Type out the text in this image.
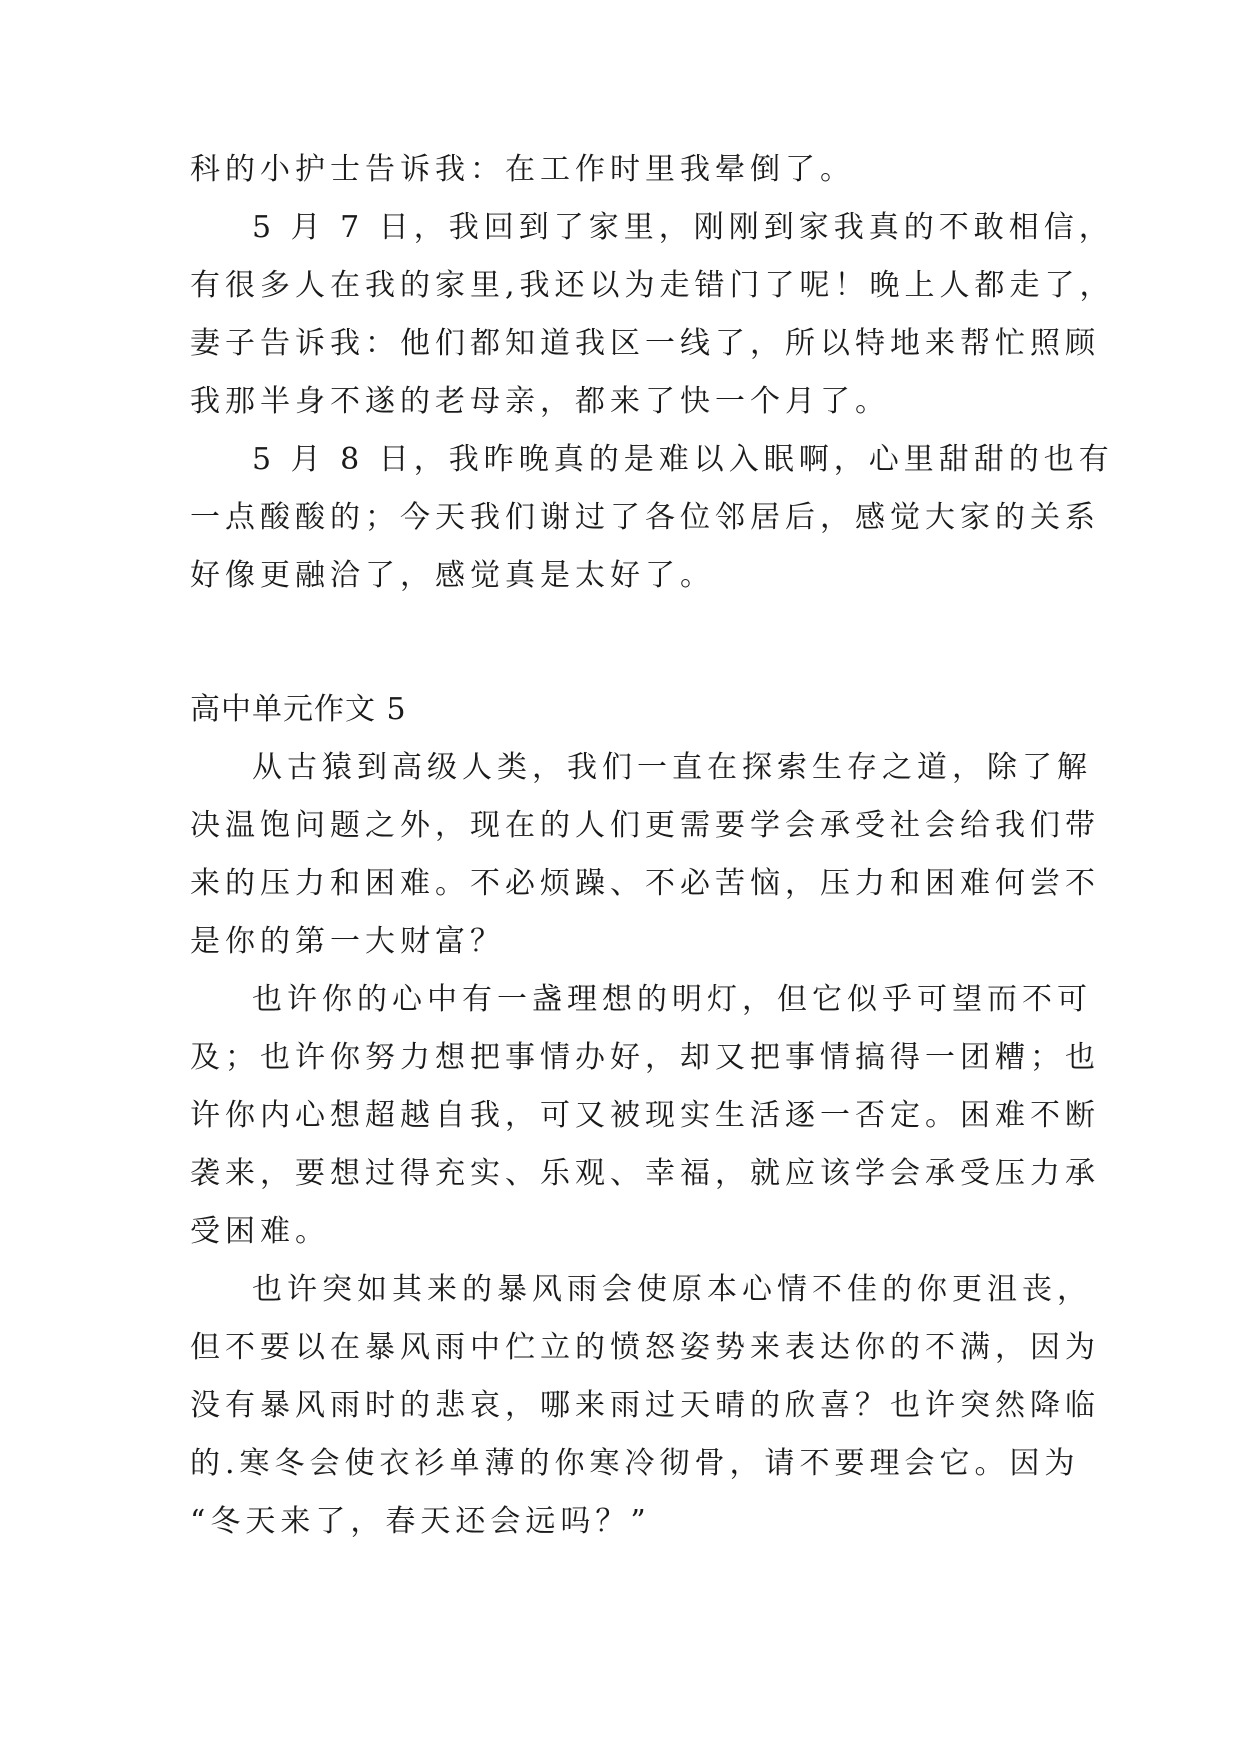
科的小护士告诉我：在工作时里我晕倒了。
5 月 7 日，我回到了家里，刚刚到家我真的不敢相信，
有很多人在我的家里,我还以为走错门了呢！晚上人都走了，
妻子告诉我：他们都知道我区一线了，所以特地来帮忙照顾
我那半身不遂的老母亲，都来了快一个月了。
5 月 8 日，我昨晚真的是难以入眠啊，心里甜甜的也有
一点酸酸的；今天我们谢过了各位邻居后，感觉大家的关系
好像更融洽了，感觉真是太好了。
高中单元作文 5
从古猿到高级人类，我们一直在探索生存之道，除了解
决温饱问题之外，现在的人们更需要学会承受社会给我们带
来的压力和困难。不必烦躁、不必苦恼，压力和困难何尝不
是你的第一大财富？
也许你的心中有一盏理想的明灯，但它似乎可望而不可
及；也许你努力想把事情办好，却又把事情搞得一团糟；也
许你内心想超越自我，可又被现实生活逐一否定。困难不断
袭来，要想过得充实、乐观、幸福，就应该学会承受压力承
受困难。
也许突如其来的暴风雨会使原本心情不佳的你更沮丧，
但不要以在暴风雨中伫立的愤怒姿势来表达你的不满，因为
没有暴风雨时的悲哀，哪来雨过天晴的欣喜？也许突然降临
的.寒冬会使衣衫单薄的你寒冷彻骨，请不要理会它。因为
“冬天来了，春天还会远吗？”
